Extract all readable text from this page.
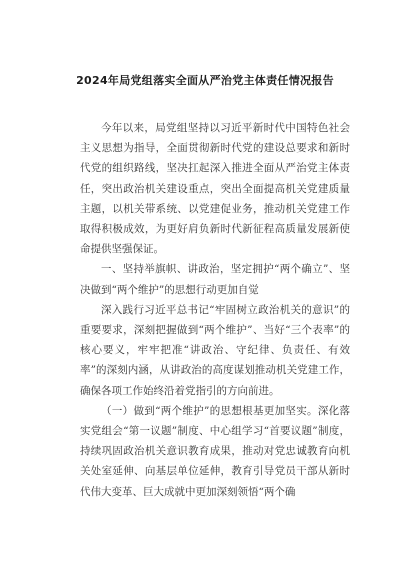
2024年局党组落实全面从严治党主体责任情况报告

今年以来，局党组坚持以习近平新时代中国特色社会主义思想为指导，全面贯彻新时代党的建设总要求和新时代党的组织路线，坚决扛起深入推进全面从严治党主体责任，突出政治机关建设重点，突出全面提高机关党建质量主题，以机关带系统、以党建促业务，推动机关党建工作取得积极成效，为更好肩负新时代新征程高质量发展新使命提供坚强保证。

一、坚持举旗帜、讲政治，坚定拥护“两个确立”、坚决做到“两个维护”的思想行动更加自觉

深入践行习近平总书记“牢固树立政治机关的意识”的重要要求，深刻把握做到“两个维护”、当好“三个表率”的核心要义，牢牢把准“讲政治、守纪律、负责任、有效率”的深刻内涵，从讲政治的高度谋划推动机关党建工作，确保各项工作始终沿着党指引的方向前进。

（一）做到“两个维护”的思想根基更加坚实。深化落实党组会“第一议题”制度、中心组学习“首要议题”制度，持续巩固政治机关意识教育成果，推动对党忠诚教育向机关处室延伸、向基层单位延伸，教育引导党员干部从新时代伟大变革、巨大成就中更加深刻领悟“两个确
